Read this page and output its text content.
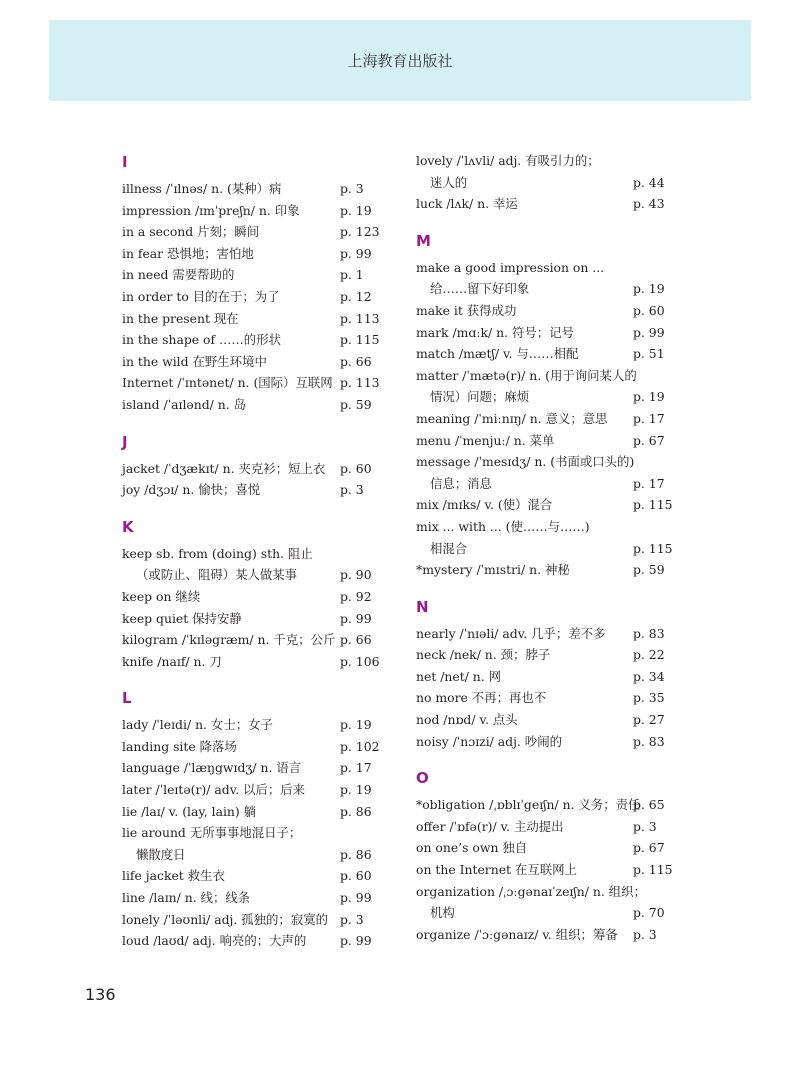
上海教育出版社
I
illness /ˈɪlnəs/ n. (某种）病	p. 3
impression /ɪmˈpreʃn/ n. 印象	p. 19
in a second 片刻；瞬间	p. 123
in fear 恐惧地；害怕地	p. 99
in need 需要帮助的	p. 1
in order to 目的在于；为了	p. 12
in the present 现在	p. 113
in the shape of ……的形状	p. 115
in the wild 在野生环境中	p. 66
Internet /ˈɪntənet/ n. (国际）互联网 p. 113
island /ˈaɪlənd/ n. 岛	p. 59
J
jacket /ˈdʒækɪt/ n. 夹克衫；短上衣 p. 60
joy /dʒɔɪ/ n. 愉快；喜悦	p. 3
K
keep sb. from (doing) sth. 阻止
（或防止、阻碍）某人做某事	p. 90
keep on 继续	p. 92
keep quiet 保持安静	p. 99
kilogram /ˈkɪləgræm/ n. 千克；公斤 p. 66
knife /naɪf/ n. 刀	p. 106
L
lady /ˈleɪdi/ n. 女士；女子	p. 19
landing site 降落场	p. 102
language /ˈlæŋgwɪdʒ/ n. 语言	p. 17
later /ˈleɪtə(r)/ adv. 以后；后来	p. 19
lie /laɪ/ v. (lay, lain) 躺	p. 86
lie around 无所事事地混日子；
懒散度日	p. 86
life jacket 救生衣	p. 60
line /laɪn/ n. 线；线条	p. 99
lonely /ˈləʊnli/ adj. 孤独的；寂寞的 p. 3
loud /laʊd/ adj. 响亮的；大声的	p. 99
lovely /ˈlʌvli/ adj. 有吸引力的；
迷人的	p. 44
luck /lʌk/ n. 幸运	p. 43
M
make a good impression on ...
给……留下好印象	p. 19
make it 获得成功	p. 60
mark /mɑːk/ n. 符号；记号	p. 99
match /mætʃ/ v. 与……相配	p. 51
matter /ˈmætə(r)/ n. (用于询问某人的
情况）问题；麻烦	p. 19
meaning /ˈmiːnɪŋ/ n. 意义；意思 p. 17
menu /ˈmenjuː/ n. 菜单	p. 67
message /ˈmesɪdʒ/ n. (书面或口头的)
信息；消息	p. 17
mix /mɪks/ v. (使）混合	p. 115
mix ... with ... (使……与……)
相混合	p. 115
*mystery /ˈmɪstri/ n. 神秘	p. 59
N
nearly /ˈnɪəli/ adv. 几乎；差不多 p. 83
neck /nek/ n. 颈；脖子	p. 22
net /net/ n. 网	p. 34
no more 不再；再也不	p. 35
nod /nɒd/ v. 点头	p. 27
noisy /ˈnɔɪzi/ adj. 吵闹的	p. 83
O
*obligation /ˌɒblɪˈgeɪʃn/ n. 义务；责任
p. 65
offer /ˈɒfə(r)/ v. 主动提出	p. 3
on one’s own 独自	p. 67
on the Internet 在互联网上	p. 115
organization /ˌɔːgənaɪˈzeɪʃn/ n. 组织；
机构	p. 70
organize /ˈɔːgənaɪz/ v. 组织；筹备 p. 3
136
